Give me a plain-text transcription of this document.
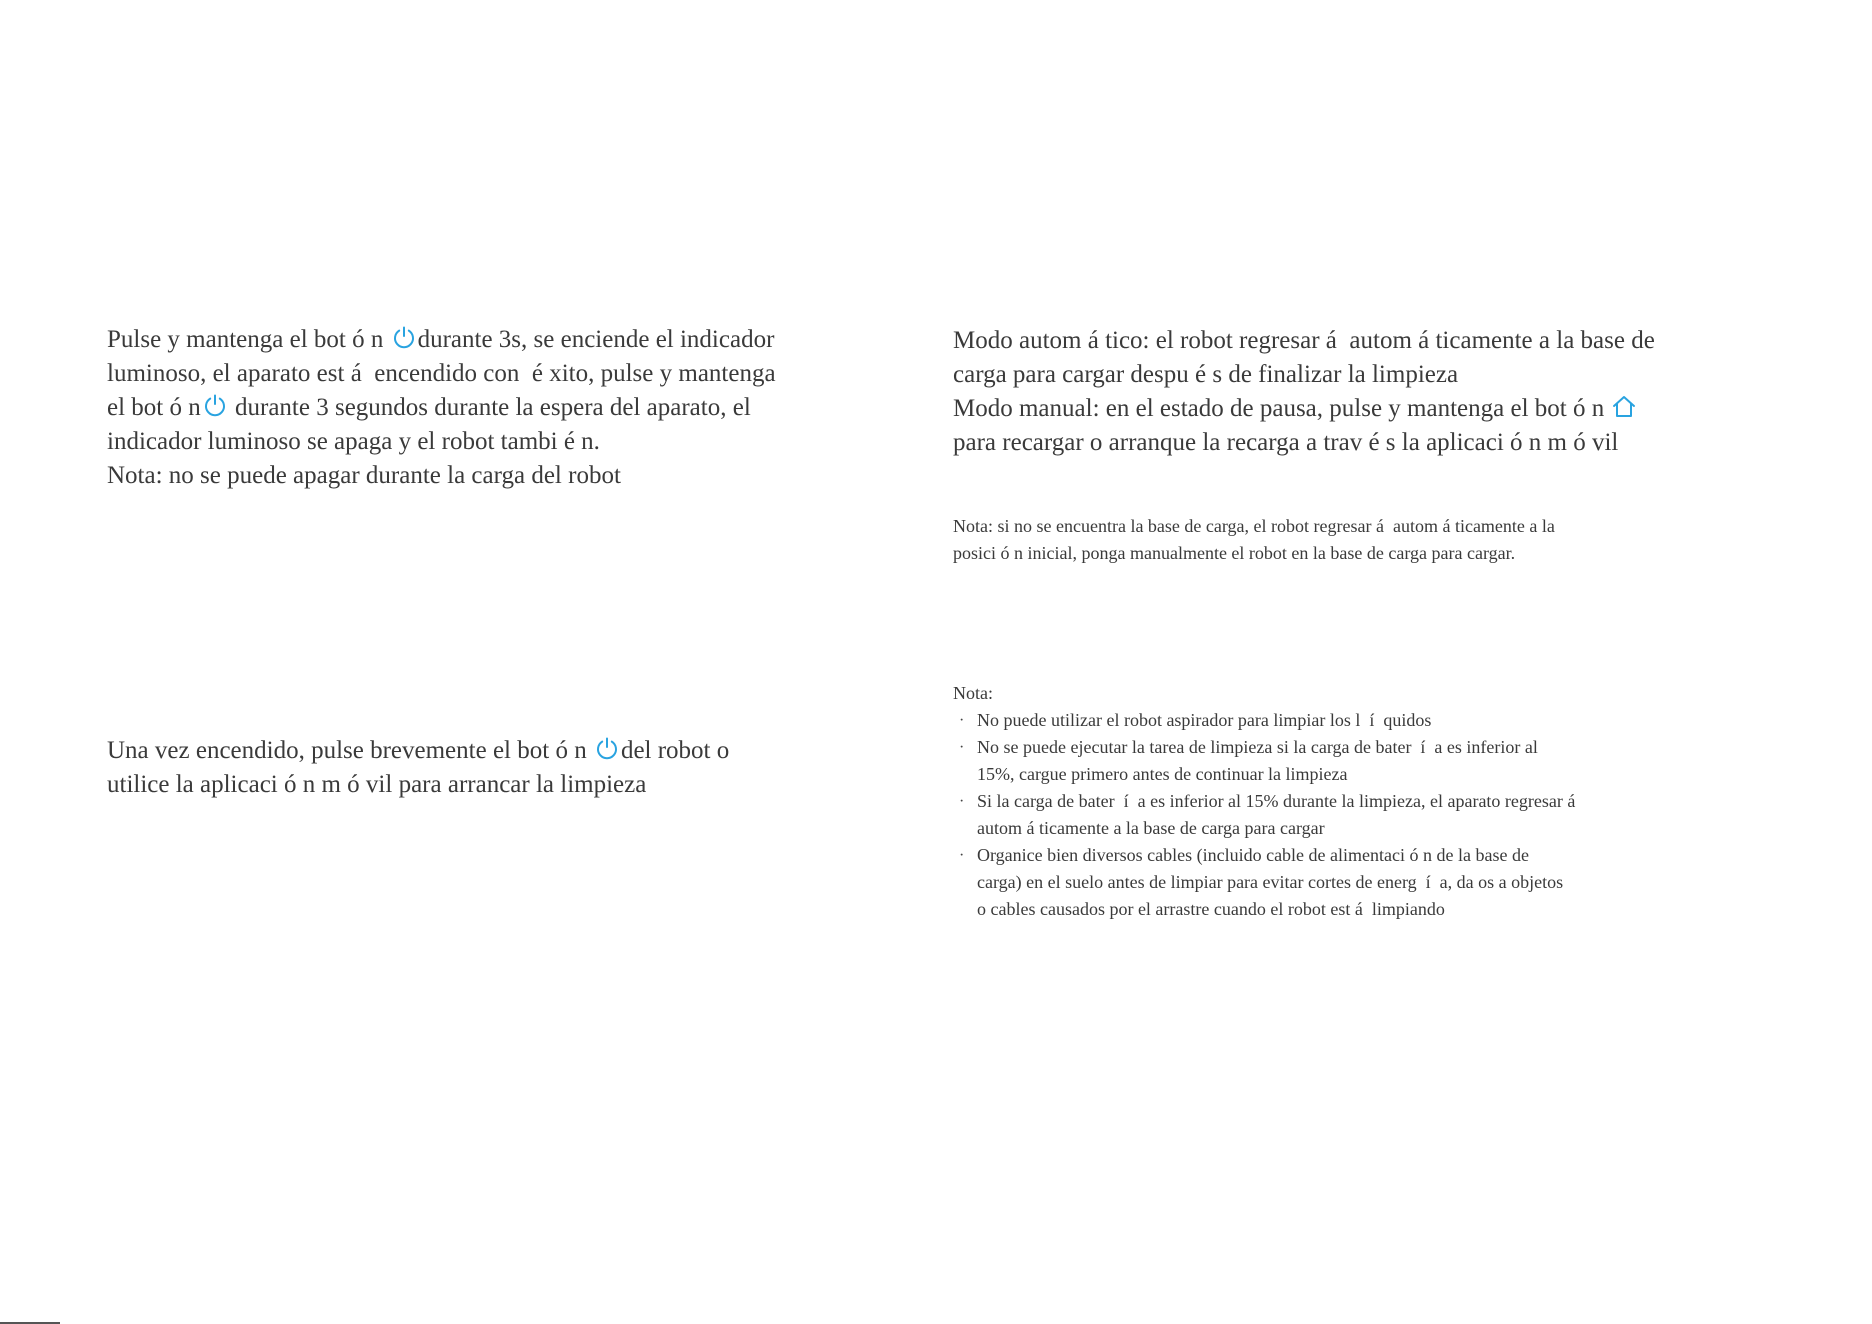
Pulse y mantenga el bot ó n
durante 3s, se enciende el indicador
luminoso, el aparato est á  encendido con  é xito, pulse y mantenga
el bot ó n
durante 3 segundos durante la espera del aparato, el
indicador luminoso se apaga y el robot tambi é n.
Nota: no se puede apagar durante la carga del robot
Una vez encendido, pulse brevemente el bot ó n
del robot o
utilice la aplicaci ó n m ó vil para arrancar la limpieza
Modo autom á tico: el robot regresar á  autom á ticamente a la base de
carga para cargar despu é s de finalizar la limpieza
Modo manual: en el estado de pausa, pulse y mantenga el bot ó n
para recargar o arranque la recarga a trav é s la aplicaci ó n m ó vil
Nota: si no se encuentra la base de carga, el robot regresar á  autom á ticamente a la
posici ó n inicial, ponga manualmente el robot en la base de carga para cargar.
Nota:
· No puede utilizar el robot aspirador para limpiar los l  í  quidos
· No se puede ejecutar la tarea de limpieza si la carga de bater  í  a es inferior al
15%, cargue primero antes de continuar la limpieza
· Si la carga de bater  í  a es inferior al 15% durante la limpieza, el aparato regresar á
autom á ticamente a la base de carga para cargar
· Organice bien diversos cables (incluido cable de alimentaci ó n de la base de
carga) en el suelo antes de limpiar para evitar cortes de energ  í  a, da os a objetos
o cables causados por el arrastre cuando el robot est á  limpiando
